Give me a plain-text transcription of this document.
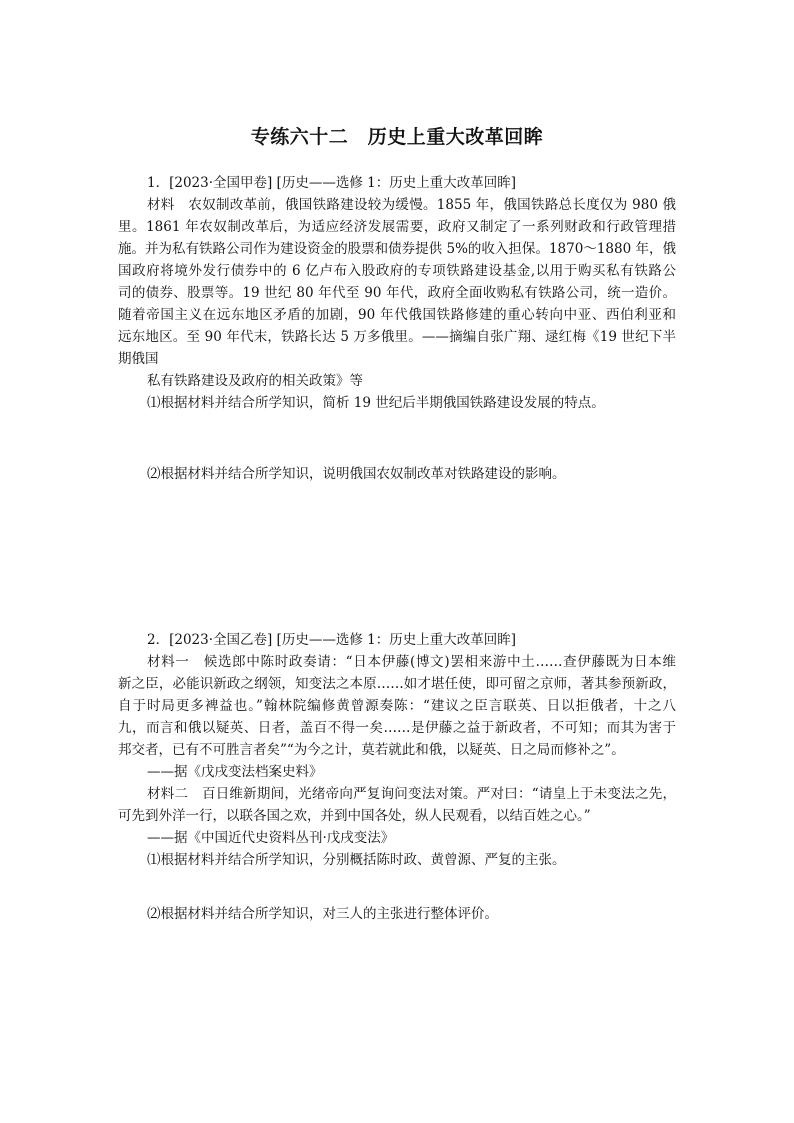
专练六十二　历史上重大改革回眸
1．[2023·全国甲卷] [历史——选修 1：历史上重大改革回眸]
材料　农奴制改革前，俄国铁路建设较为缓慢。1855 年，俄国铁路总长度仅为 980 俄
里。1861 年农奴制改革后，为适应经济发展需要，政府又制定了一系列财政和行政管理措
施。并为私有铁路公司作为建设资金的股票和债券提供 5%的收入担保。1870～1880 年，俄
国政府将境外发行债券中的 6 亿卢布入股政府的专项铁路建设基金,以用于购买私有铁路公
司的债券、股票等。19 世纪 80 年代至 90 年代，政府全面收购私有铁路公司，统一造价。
随着帝国主义在远东地区矛盾的加剧，90 年代俄国铁路修建的重心转向中亚、西伯利亚和
远东地区。至 90 年代末，铁路长达 5 万多俄里。——摘编自张广翔、逯红梅《19 世纪下半
期俄国
私有铁路建设及政府的相关政策》等
⑴根据材料并结合所学知识，简析 19 世纪后半期俄国铁路建设发展的特点。
⑵根据材料并结合所学知识，说明俄国农奴制改革对铁路建设的影响。
2．[2023·全国乙卷] [历史——选修 1：历史上重大改革回眸]
材料一　候选郎中陈时政奏请：“日本伊藤(博文)罢相来游中土……查伊藤既为日本维
新之臣，必能识新政之纲领，知变法之本原……如才堪任使，即可留之京师，著其参预新政，
自于时局更多裨益也。”翰林院编修黄曾源奏陈：“建议之臣言联英、日以拒俄者，十之八
九，而言和俄以疑英、日者，盖百不得一矣……是伊藤之益于新政者，不可知；而其为害于
邦交者，已有不可胜言者矣”“为今之计，莫若就此和俄，以疑英、日之局而修补之”。
——据《戊戌变法档案史料》
材料二　百日维新期间，光绪帝向严复询问变法对策。严对曰：“请皇上于未变法之先，
可先到外洋一行，以联各国之欢，并到中国各处，纵人民观看，以结百姓之心。”
——据《中国近代史资料丛刊·戊戌变法》
⑴根据材料并结合所学知识，分别概括陈时政、黄曾源、严复的主张。
⑵根据材料并结合所学知识，对三人的主张进行整体评价。
